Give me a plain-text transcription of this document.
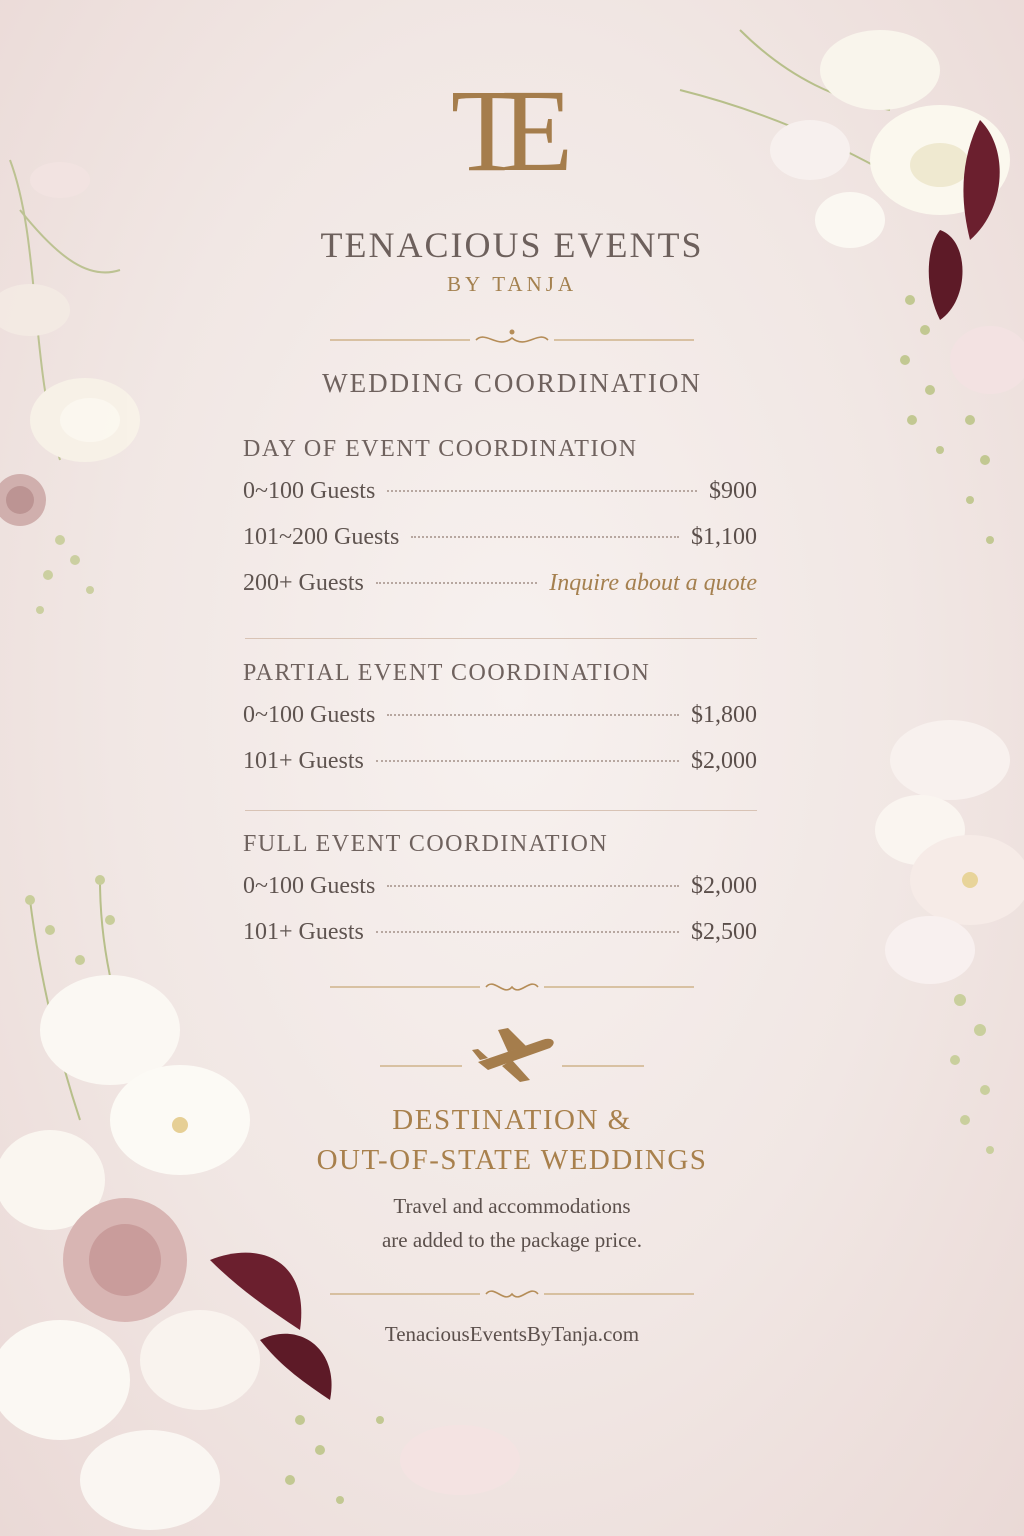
TE
TENACIOUS EVENTS
BY TANJA
WEDDING COORDINATION
DAY OF EVENT COORDINATION
0~100 Guests	$900
101~200 Guests	$1,100
200+ Guests	Inquire about a quote
PARTIAL EVENT COORDINATION
0~100 Guests	$1,800
101+ Guests	$2,000
FULL EVENT COORDINATION
0~100 Guests	$2,000
101+ Guests	$2,500
DESTINATION &
OUT-OF-STATE WEDDINGS
Travel and accommodations
are added to the package price.
TenaciousEventsByTanja.com
